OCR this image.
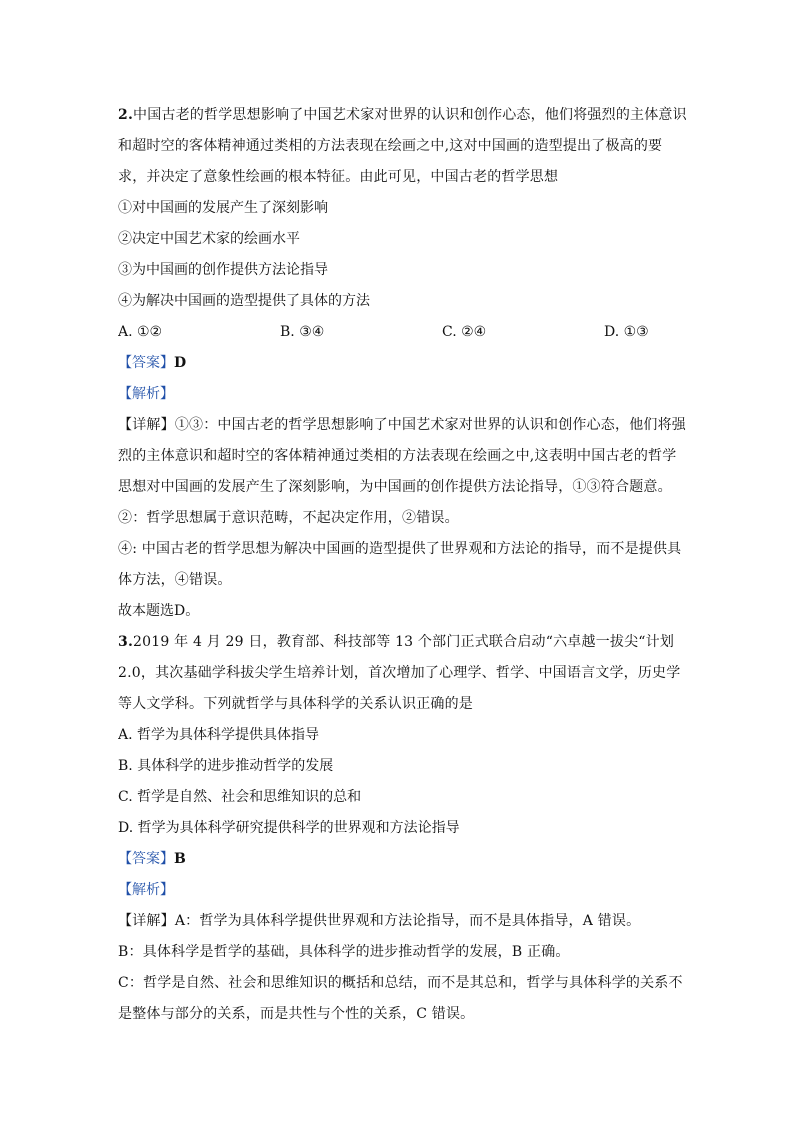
2.中国古老的哲学思想影响了中国艺术家对世界的认识和创作心态，他们将强烈的主体意识和超时空的客体精神通过类相的方法表现在绘画之中,这对中国画的造型提出了极高的要求，并决定了意象性绘画的根本特征。由此可见，中国古老的哲学思想
①对中国画的发展产生了深刻影响
②决定中国艺术家的绘画水平
③为中国画的创作提供方法论指导
④为解决中国画的造型提供了具体的方法
A. ①②	B. ③④	C. ②④	D. ①③
【答案】D
【解析】
【详解】①③：中国古老的哲学思想影响了中国艺术家对世界的认识和创作心态，他们将强烈的主体意识和超时空的客体精神通过类相的方法表现在绘画之中,这表明中国古老的哲学思想对中国画的发展产生了深刻影响，为中国画的创作提供方法论指导，①③符合题意。
②：哲学思想属于意识范畴，不起决定作用，②错误。
④: 中国古老的哲学思想为解决中国画的造型提供了世界观和方法论的指导，而不是提供具体方法，④错误。
故本题选D。
3.2019 年 4 月 29 日，教育部、科技部等 13 个部门正式联合启动“六卓越一拔尖“计划 2.0，其次基础学科拔尖学生培养计划，首次增加了心理学、哲学、中国语言文学，历史学等人文学科。下列就哲学与具体科学的关系认识正确的是
A. 哲学为具体科学提供具体指导
B. 具体科学的进步推动哲学的发展
C. 哲学是自然、社会和思维知识的总和
D. 哲学为具体科学研究提供科学的世界观和方法论指导
【答案】B
【解析】
【详解】A：哲学为具体科学提供世界观和方法论指导，而不是具体指导，A 错误。
B：具体科学是哲学的基础，具体科学的进步推动哲学的发展，B 正确。
C：哲学是自然、社会和思维知识的概括和总结，而不是其总和，哲学与具体科学的关系不是整体与部分的关系，而是共性与个性的关系，C 错误。
